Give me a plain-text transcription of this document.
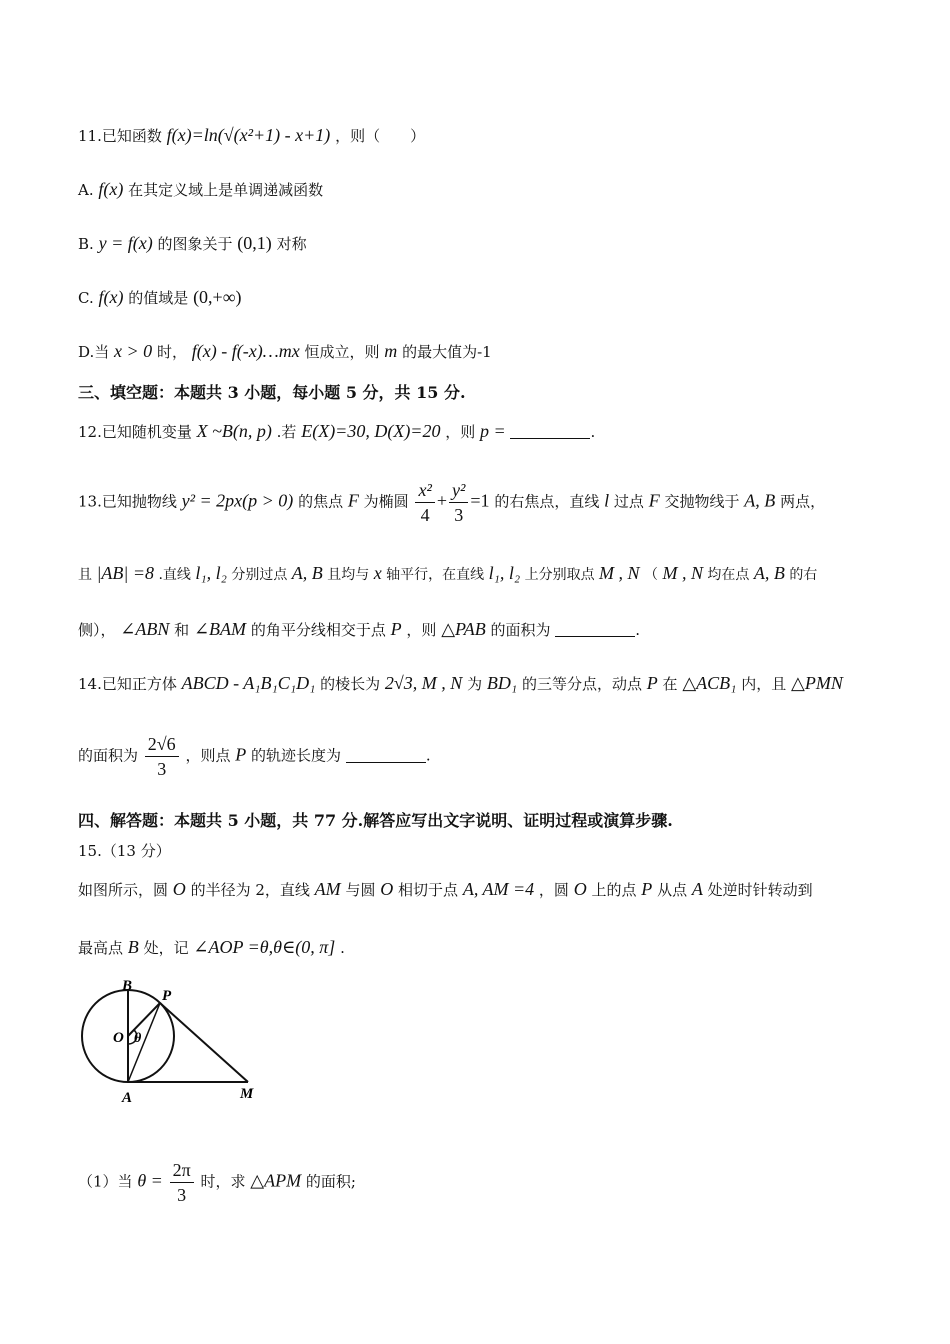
11.已知函数 f(x)=ln(√(x²+1) - x+1) ，则（　　）
A. f(x) 在其定义域上是单调递减函数
B. y = f(x) 的图象关于 (0,1) 对称
C. f(x) 的值域是 (0,+∞)
D.当 x > 0 时， f(x) - f(-x)…mx 恒成立，则 m 的最大值为-1
三、填空题：本题共 3 小题，每小题 5 分，共 15 分.
12.已知随机变量 X ~B(n, p) .若 E(X)=30, D(X)=20 ，则 p =	.
13.已知抛物线 y² = 2px(p > 0) 的焦点 F 为椭圆 $\frac{\text{x²}}{4} + \frac{\text{y²}}{3} =1$ 的右焦点，直线 l 过点 F 交抛物线于 A, B 两点，
且 |AB| =8 .直线 l₁, l₂ 分别过点 A, B 且均与 x 轴平行，在直线 l₁, l₂ 上分别取点 M , N （ M , N 均在点 A, B 的右
侧）， ∠ABN 和 ∠BAM 的角平分线相交于点 P ，则 △PAB 的面积为	.
14.已知正方体 ABCD - A₁B₁C₁D₁ 的棱长为 2√3, M , N 为 BD₁ 的三等分点，动点 P 在 △ACB₁ 内，且 △PMN
的面积为 $\frac{2√6}{3}$ ，则点 P 的轨迹长度为	.
四、解答题：本题共 5 小题，共 77 分.解答应写出文字说明、证明过程或演算步骤.
15.（13 分）
如图所示，圆 O 的半径为 2，直线 AM 与圆 O 相切于点 A, AM =4 ，圆 O 上的点 P 从点 A 处逆时针转动到
最高点 B 处，记 ∠AOP =θ,θ∈(0, π] .
B
P
O θ
A	M
（1）当 $\theta = \frac{2\pi}{3}$ 时，求 △APM 的面积;
